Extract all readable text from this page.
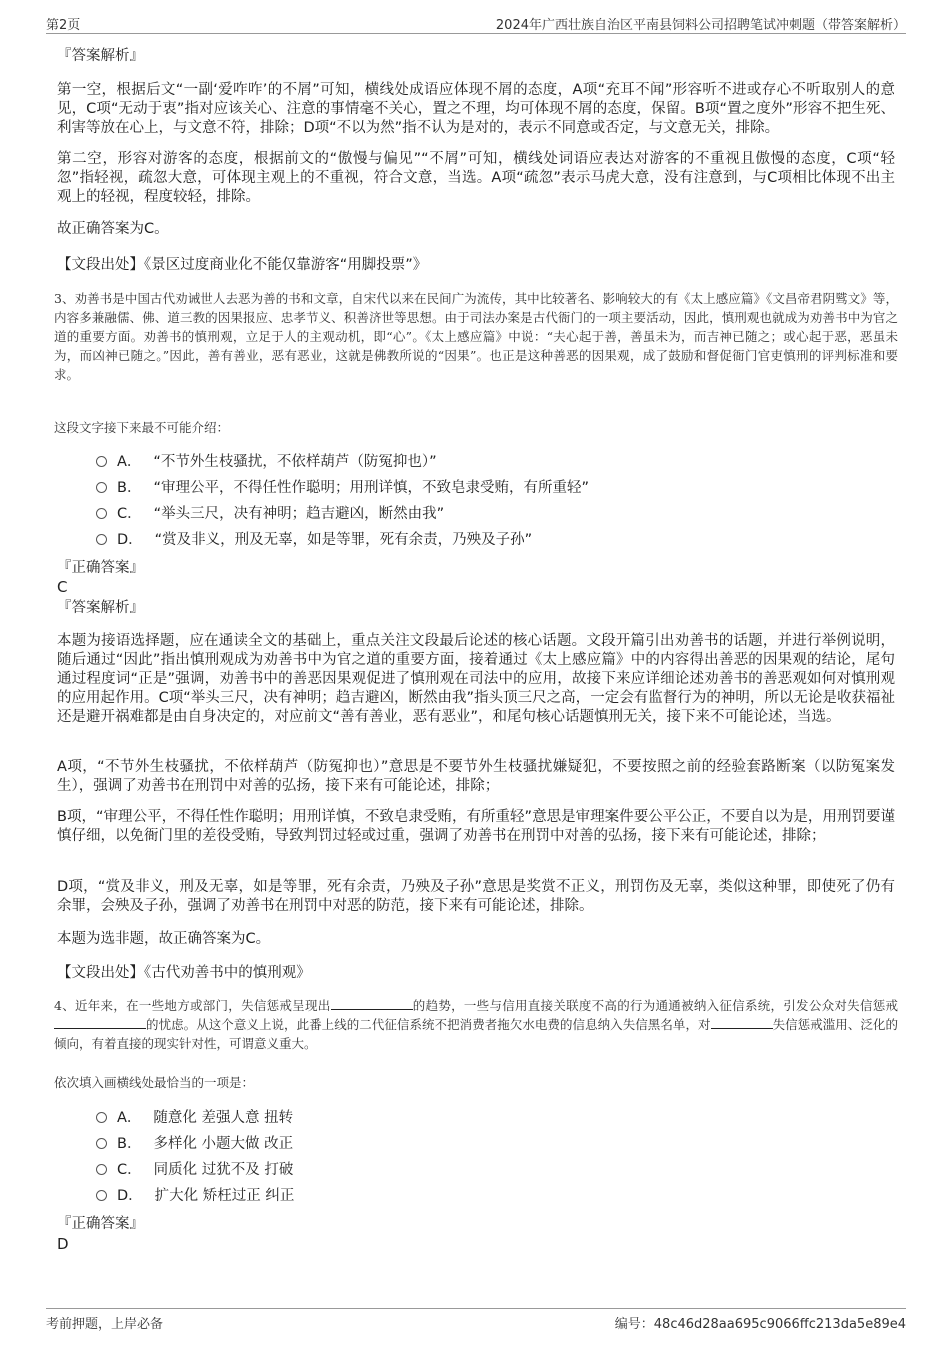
第2页	2024年广西壮族自治区平南县饲料公司招聘笔试冲刺题（带答案解析）
『答案解析』
第一空，根据后文“一副‘爱咋咋’的不屑”可知，横线处成语应体现不屑的态度，A项“充耳不闻”形容听不进或存心不听取别人的意见，C项“无动于衷”指对应该关心、注意的事情毫不关心，置之不理，均可体现不屑的态度，保留。B项“置之度外”形容不把生死、利害等放在心上，与文意不符，排除；D项“不以为然”指不认为是对的，表示不同意或否定，与文意无关，排除。
第二空，形容对游客的态度，根据前文的“傲慢与偏见”“不屑”可知，横线处词语应表达对游客的不重视且傲慢的态度，C项“轻忽”指轻视，疏忽大意，可体现主观上的不重视，符合文意，当选。A项“疏忽”表示马虎大意，没有注意到，与C项相比体现不出主观上的轻视，程度较轻，排除。
故正确答案为C。
【文段出处】《景区过度商业化不能仅靠游客“用脚投票”》
3、劝善书是中国古代劝诫世人去恶为善的书和文章，自宋代以来在民间广为流传，其中比较著名、影响较大的有《太上感应篇》《文昌帝君阴骘文》等，内容多兼融儒、佛、道三教的因果报应、忠孝节义、积善济世等思想。由于司法办案是古代衙门的一项主要活动，因此，慎刑观也就成为劝善书中为官之道的重要方面。劝善书的慎刑观，立足于人的主观动机，即“心”。《太上感应篇》中说：“夫心起于善，善虽未为，而吉神已随之；或心起于恶，恶虽未为，而凶神已随之。”因此，善有善业，恶有恶业，这就是佛教所说的“因果”。也正是这种善恶的因果观，成了鼓励和督促衙门官吏慎刑的评判标准和要求。
这段文字接下来最不可能介绍：
A． “不节外生枝骚扰，不依样葫芦（防冤抑也）”
B． “审理公平，不得任性作聪明；用刑详慎，不致皂隶受贿，有所重轻”
C． “举头三尺，决有神明；趋吉避凶，断然由我”
D． “赏及非义，刑及无辜，如是等罪，死有余责，乃殃及子孙”
『正确答案』
C
『答案解析』
本题为接语选择题，应在通读全文的基础上，重点关注文段最后论述的核心话题。文段开篇引出劝善书的话题，并进行举例说明，随后通过“因此”指出慎刑观成为劝善书中为官之道的重要方面，接着通过《太上感应篇》中的内容得出善恶的因果观的结论，尾句通过程度词“正是”强调，劝善书中的善恶因果观促进了慎刑观在司法中的应用，故接下来应详细论述劝善书的善恶观如何对慎刑观的应用起作用。C项“举头三尺，决有神明；趋吉避凶，断然由我”指头顶三尺之高，一定会有监督行为的神明，所以无论是收获福祉还是避开祸难都是由自身决定的，对应前文“善有善业，恶有恶业”，和尾句核心话题慎刑无关，接下来不可能论述，当选。
A项，“不节外生枝骚扰，不依样葫芦（防冤抑也）”意思是不要节外生枝骚扰嫌疑犯，不要按照之前的经验套路断案（以防冤案发生），强调了劝善书在刑罚中对善的弘扬，接下来有可能论述，排除；
B项，“审理公平，不得任性作聪明；用刑详慎，不致皂隶受贿，有所重轻”意思是审理案件要公平公正，不要自以为是，用刑罚要谨慎仔细，以免衙门里的差役受贿，导致判罚过轻或过重，强调了劝善书在刑罚中对善的弘扬，接下来有可能论述，排除；
D项，“赏及非义，刑及无辜，如是等罪，死有余责，乃殃及子孙”意思是奖赏不正义，刑罚伤及无辜，类似这种罪，即使死了仍有余罪，会殃及子孙，强调了劝善书在刑罚中对恶的防范，接下来有可能论述，排除。
本题为选非题，故正确答案为C。
【文段出处】《古代劝善书中的慎刑观》
4、近年来，在一些地方或部门，失信惩戒呈现出	的趋势，一些与信用直接关联度不高的行为通通被纳入征信系统，引发公众对失信惩戒的忧虑。从这个意义上说，此番上线的二代征信系统不把消费者拖欠水电费的信息纳入失信黑名单，对	失信惩戒滥用、泛化的倾向，有着直接的现实针对性，可谓意义重大。
依次填入画横线处最恰当的一项是：
A． 随意化 差强人意 扭转
B． 多样化 小题大做 改正
C． 同质化 过犹不及 打破
D． 扩大化 矫枉过正 纠正
『正确答案』
D
考前押题，上岸必备	编号：48c46d28aa695c9066ffc213da5e89e4
